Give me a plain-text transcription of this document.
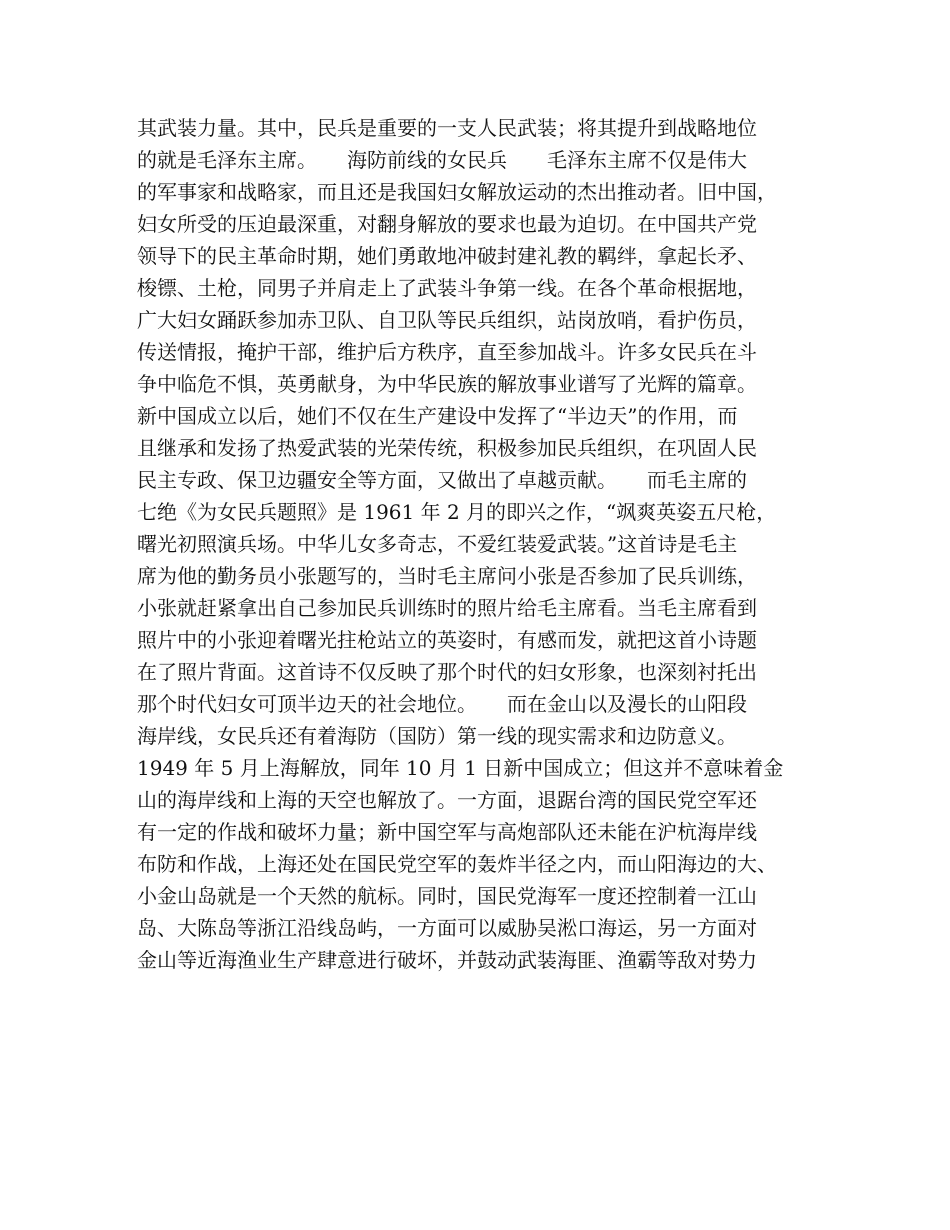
其武装力量。其中，民兵是重要的一支人民武装；将其提升到战略地位
的就是毛泽东主席。　　海防前线的女民兵　　毛泽东主席不仅是伟大
的军事家和战略家，而且还是我国妇女解放运动的杰出推动者。旧中国，
妇女所受的压迫最深重，对翻身解放的要求也最为迫切。在中国共产党
领导下的民主革命时期，她们勇敢地冲破封建礼教的羁绊，拿起长矛、
梭镖、土枪，同男子并肩走上了武装斗争第一线。在各个革命根据地，
广大妇女踊跃参加赤卫队、自卫队等民兵组织，站岗放哨，看护伤员，
传送情报，掩护干部，维护后方秩序，直至参加战斗。许多女民兵在斗
争中临危不惧，英勇献身，为中华民族的解放事业谱写了光辉的篇章。
新中国成立以后，她们不仅在生产建设中发挥了“半边天”的作用，而
且继承和发扬了热爱武装的光荣传统，积极参加民兵组织，在巩固人民
民主专政、保卫边疆安全等方面，又做出了卓越贡献。　　而毛主席的
七绝《为女民兵题照》是 1961 年 2 月的即兴之作，“飒爽英姿五尺枪，
曙光初照演兵场。中华儿女多奇志，不爱红装爱武装。”这首诗是毛主
席为他的勤务员小张题写的，当时毛主席问小张是否参加了民兵训练，
小张就赶紧拿出自己参加民兵训练时的照片给毛主席看。当毛主席看到
照片中的小张迎着曙光拄枪站立的英姿时，有感而发，就把这首小诗题
在了照片背面。这首诗不仅反映了那个时代的妇女形象，也深刻衬托出
那个时代妇女可顶半边天的社会地位。　　而在金山以及漫长的山阳段
海岸线，女民兵还有着海防（国防）第一线的现实需求和边防意义。
1949 年 5 月上海解放，同年 10 月 1 日新中国成立；但这并不意味着金
山的海岸线和上海的天空也解放了。一方面，退踞台湾的国民党空军还
有一定的作战和破坏力量；新中国空军与高炮部队还未能在沪杭海岸线
布防和作战，上海还处在国民党空军的轰炸半径之内，而山阳海边的大、
小金山岛就是一个天然的航标。同时，国民党海军一度还控制着一江山
岛、大陈岛等浙江沿线岛屿，一方面可以威胁吴淞口海运，另一方面对
金山等近海渔业生产肆意进行破坏，并鼓动武装海匪、渔霸等敌对势力
